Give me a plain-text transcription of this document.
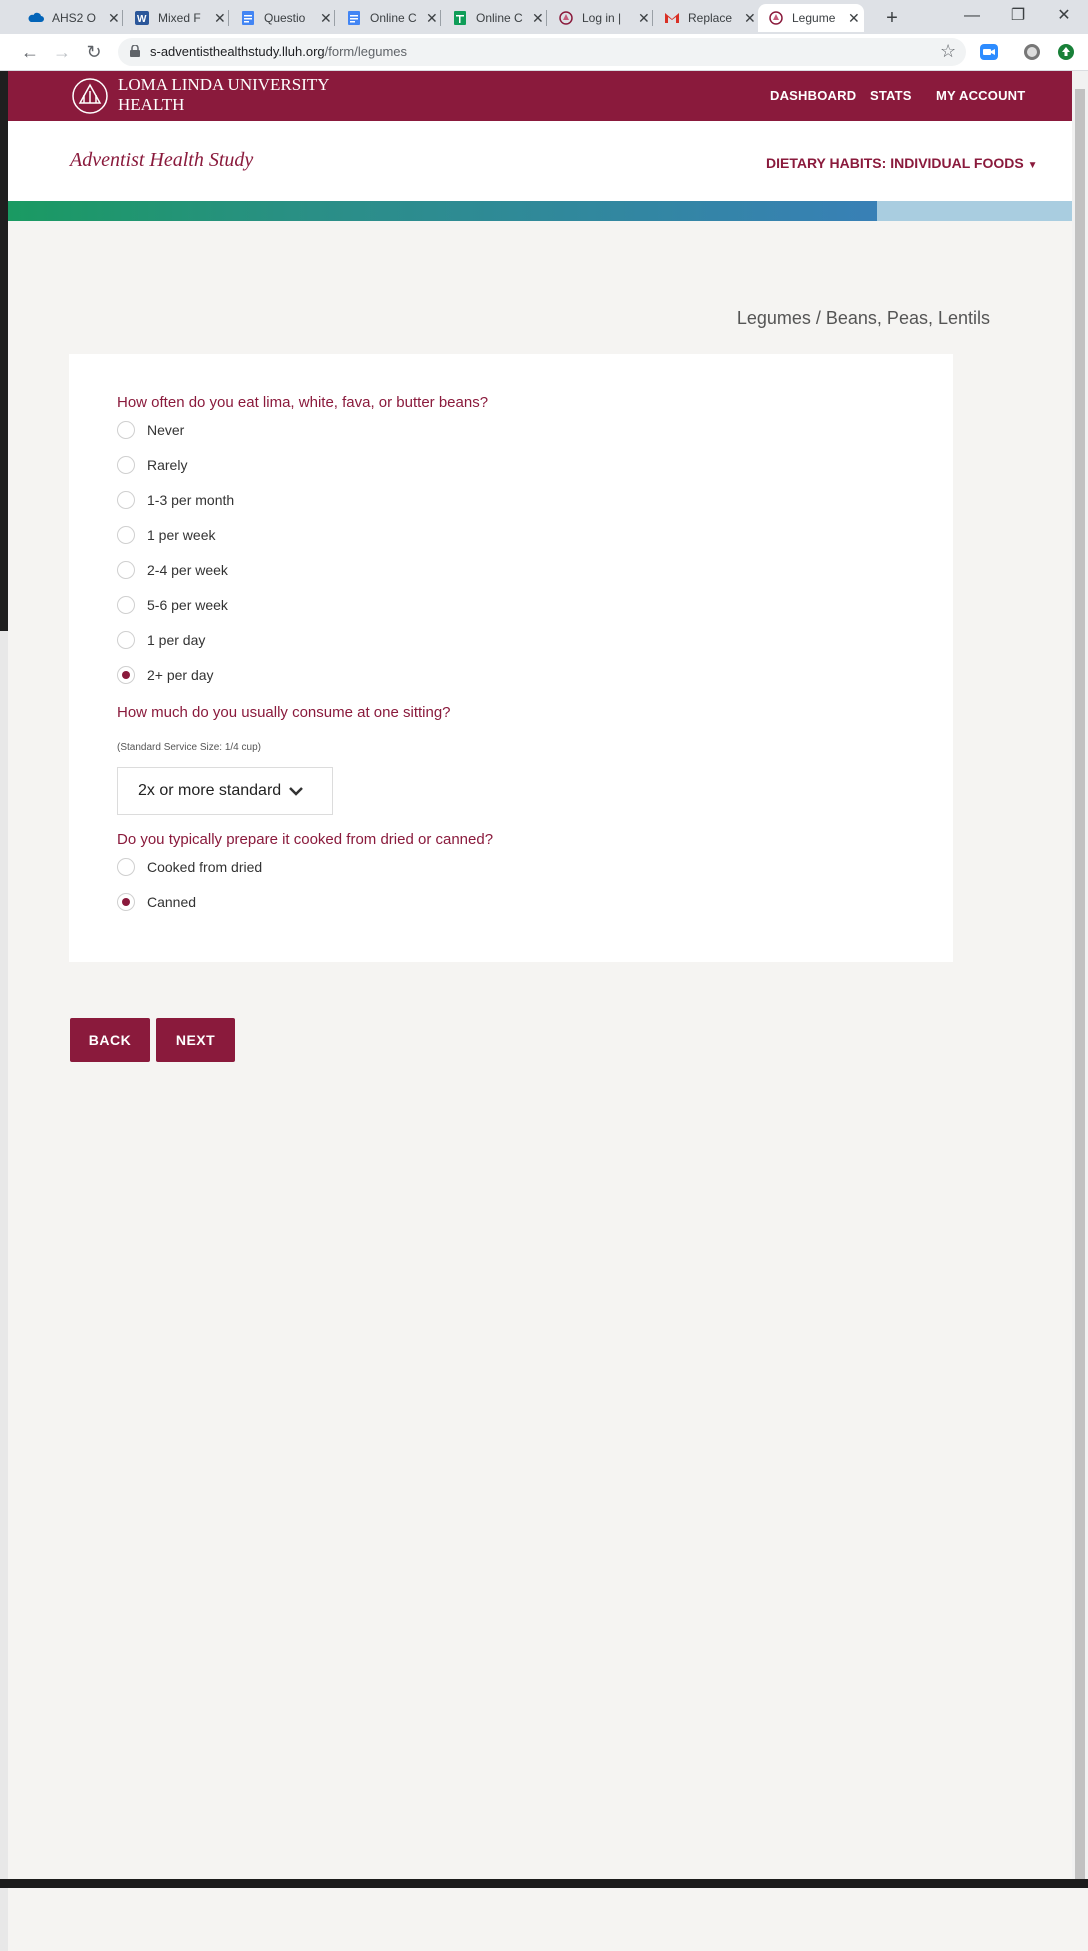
AHS2 O ✕ W Mixed F ✕	Questio	✕	Online C ✕	Online C ✕	Log in |	✕	Replace ✕	Legume ✕	+	—	❐	✕
← → ↻	s-adventisthealthstudy.lluh.org/form/legumes	☆
LOMA LINDA UNIVERSITY
HEALTH	DASHBOARD STATS MY ACCOUNT
Adventist Health Study	DIETARY HABITS: INDIVIDUAL FOODS ▼
Legumes / Beans, Peas, Lentils
How often do you eat lima, white, fava, or butter beans?
Never
Rarely
1-3 per month
1 per week
2-4 per week
5-6 per week
1 per day
2+ per day
How much do you usually consume at one sitting?
(Standard Service Size: 1/4 cup)
2x or more standard
Do you typically prepare it cooked from dried or canned?
Cooked from dried
Canned
BACK	NEXT
